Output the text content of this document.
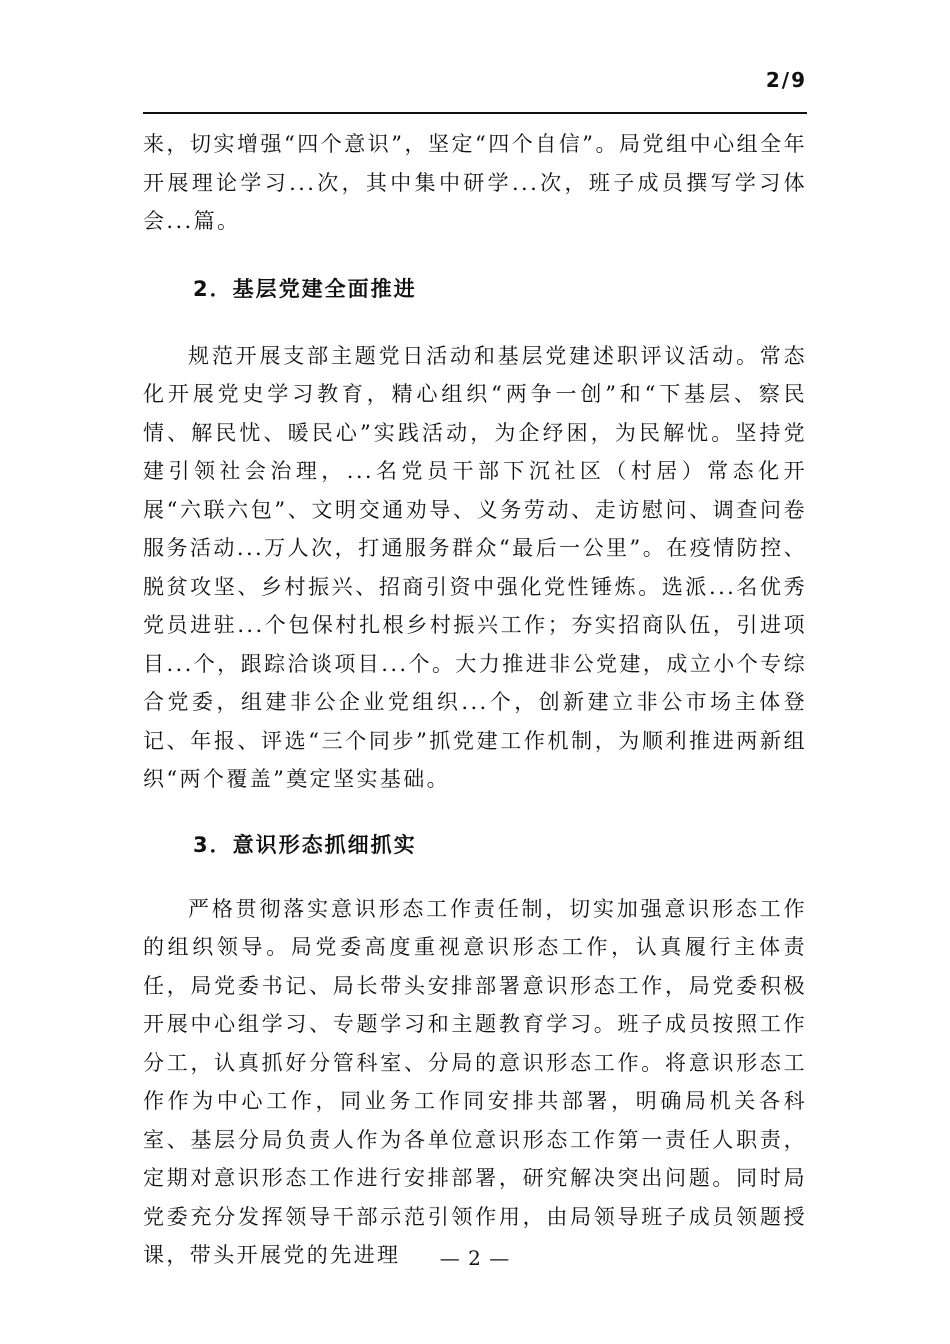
2/9

来，切实增强“四个意识”，坚定“四个自信”。局党组中心组全年开展理论学习...次，其中集中研学...次，班子成员撰写学习体会...篇。

2．基层党建全面推进

规范开展支部主题党日活动和基层党建述职评议活动。常态化开展党史学习教育，精心组织“两争一创”和“下基层、察民情、解民忧、暖民心”实践活动，为企纾困，为民解忧。坚持党建引领社会治理，...名党员干部下沉社区（村居）常态化开展“六联六包”、文明交通劝导、义务劳动、走访慰问、调查问卷服务活动...万人次，打通服务群众“最后一公里”。在疫情防控、脱贫攻坚、乡村振兴、招商引资中强化党性锤炼。选派...名优秀党员进驻...个包保村扎根乡村振兴工作；夯实招商队伍，引进项目...个，跟踪洽谈项目...个。大力推进非公党建，成立小个专综合党委，组建非公企业党组织...个，创新建立非公市场主体登记、年报、评选“三个同步”抓党建工作机制，为顺利推进两新组织“两个覆盖”奠定坚实基础。

3．意识形态抓细抓实

严格贯彻落实意识形态工作责任制，切实加强意识形态工作的组织领导。局党委高度重视意识形态工作，认真履行主体责任，局党委书记、局长带头安排部署意识形态工作，局党委积极开展中心组学习、专题学习和主题教育学习。班子成员按照工作分工，认真抓好分管科室、分局的意识形态工作。将意识形态工作作为中心工作，同业务工作同安排共部署，明确局机关各科室、基层分局负责人作为各单位意识形态工作第一责任人职责，定期对意识形态工作进行安排部署，研究解决突出问题。同时局党委充分发挥领导干部示范引领作用，由局领导班子成员领题授课，带头开展党的先进理	— 2 —
